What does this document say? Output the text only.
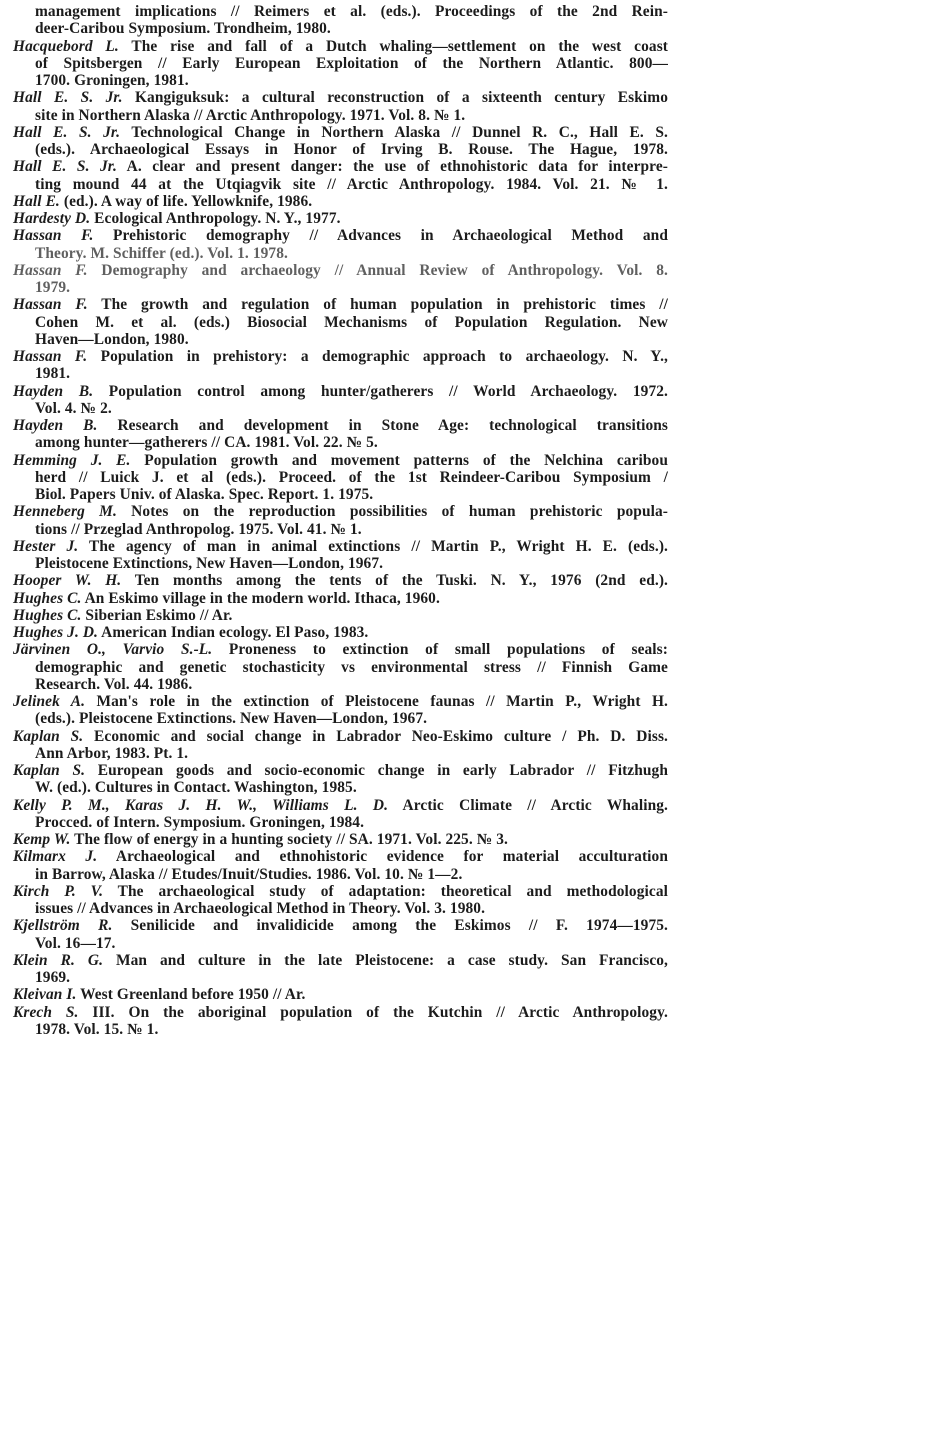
management implications // Reimers et al. (eds.). Proceedings of the 2nd Rein-
deer-Caribou Symposium. Trondheim, 1980.
Hacquebord L. The rise and fall of a Dutch whaling—settlement on the west coast
of Spitsbergen // Early European Exploitation of the Northern Atlantic. 800—
1700. Groningen, 1981.
Hall E. S. Jr. Kangiguksuk: a cultural reconstruction of a sixteenth century Eskimo
site in Northern Alaska // Arctic Anthropology. 1971. Vol. 8. № 1.
Hall E. S. Jr. Technological Change in Northern Alaska // Dunnel R. C., Hall E. S.
(eds.). Archaeological Essays in Honor of Irving B. Rouse. The Hague, 1978.
Hall E. S. Jr. A. clear and present danger: the use of ethnohistoric data for interpre-
ting mound 44 at the Utqiagvik site // Arctic Anthropology. 1984. Vol. 21. № 1.
Hall E. (ed.). A way of life. Yellowknife, 1986.
Hardesty D. Ecological Anthropology. N. Y., 1977.
Hassan F. Prehistoric demography // Advances in Archaeological Method and
Theory. M. Schiffer (ed.). Vol. 1. 1978.
Hassan F. Demography and archaeology // Annual Review of Anthropology. Vol. 8.
1979.
Hassan F. The growth and regulation of human population in prehistoric times //
Cohen M. et al. (eds.) Biosocial Mechanisms of Population Regulation. New
Haven—London, 1980.
Hassan F. Population in prehistory: a demographic approach to archaeology. N. Y.,
1981.
Hayden B. Population control among hunter/gatherers // World Archaeology. 1972.
Vol. 4. № 2.
Hayden B. Research and development in Stone Age: technological transitions
among hunter—gatherers // CA. 1981. Vol. 22. № 5.
Hemming J. E. Population growth and movement patterns of the Nelchina caribou
herd // Luick J. et al (eds.). Proceed. of the 1st Reindeer-Caribou Symposium /
Biol. Papers Univ. of Alaska. Spec. Report. 1. 1975.
Henneberg M. Notes on the reproduction possibilities of human prehistoric popula-
tions // Przeglad Anthropolog. 1975. Vol. 41. № 1.
Hester J. The agency of man in animal extinctions // Martin P., Wright H. E. (eds.).
Pleistocene Extinctions, New Haven—London, 1967.
Hooper W. H. Ten months among the tents of the Tuski. N. Y., 1976 (2nd ed.).
Hughes C. An Eskimo village in the modern world. Ithaca, 1960.
Hughes C. Siberian Eskimo // Ar.
Hughes J. D. American Indian ecology. El Paso, 1983.
Järvinen O., Varvio S.-L. Proneness to extinction of small populations of seals:
demographic and genetic stochasticity vs environmental stress // Finnish Game
Research. Vol. 44. 1986.
Jelinek A. Man's role in the extinction of Pleistocene faunas // Martin P., Wright H.
(eds.). Pleistocene Extinctions. New Haven—London, 1967.
Kaplan S. Economic and social change in Labrador Neo-Eskimo culture / Ph. D. Diss.
Ann Arbor, 1983. Pt. 1.
Kaplan S. European goods and socio-economic change in early Labrador // Fitzhugh
W. (ed.). Cultures in Contact. Washington, 1985.
Kelly P. M., Karas J. H. W., Williams L. D. Arctic Climate // Arctic Whaling.
Procced. of Intern. Symposium. Groningen, 1984.
Kemp W. The flow of energy in a hunting society // SA. 1971. Vol. 225. № 3.
Kilmarx J. Archaeological and ethnohistoric evidence for material acculturation
in Barrow, Alaska // Etudes/Inuit/Studies. 1986. Vol. 10. № 1—2.
Kirch P. V. The archaeological study of adaptation: theoretical and methodological
issues // Advances in Archaeological Method in Theory. Vol. 3. 1980.
Kjellström R. Senilicide and invalidicide among the Eskimos // F. 1974—1975.
Vol. 16—17.
Klein R. G. Man and culture in the late Pleistocene: a case study. San Francisco,
1969.
Kleivan I. West Greenland before 1950 // Ar.
Krech S. III. On the aboriginal population of the Kutchin // Arctic Anthropology.
1978. Vol. 15. № 1.
